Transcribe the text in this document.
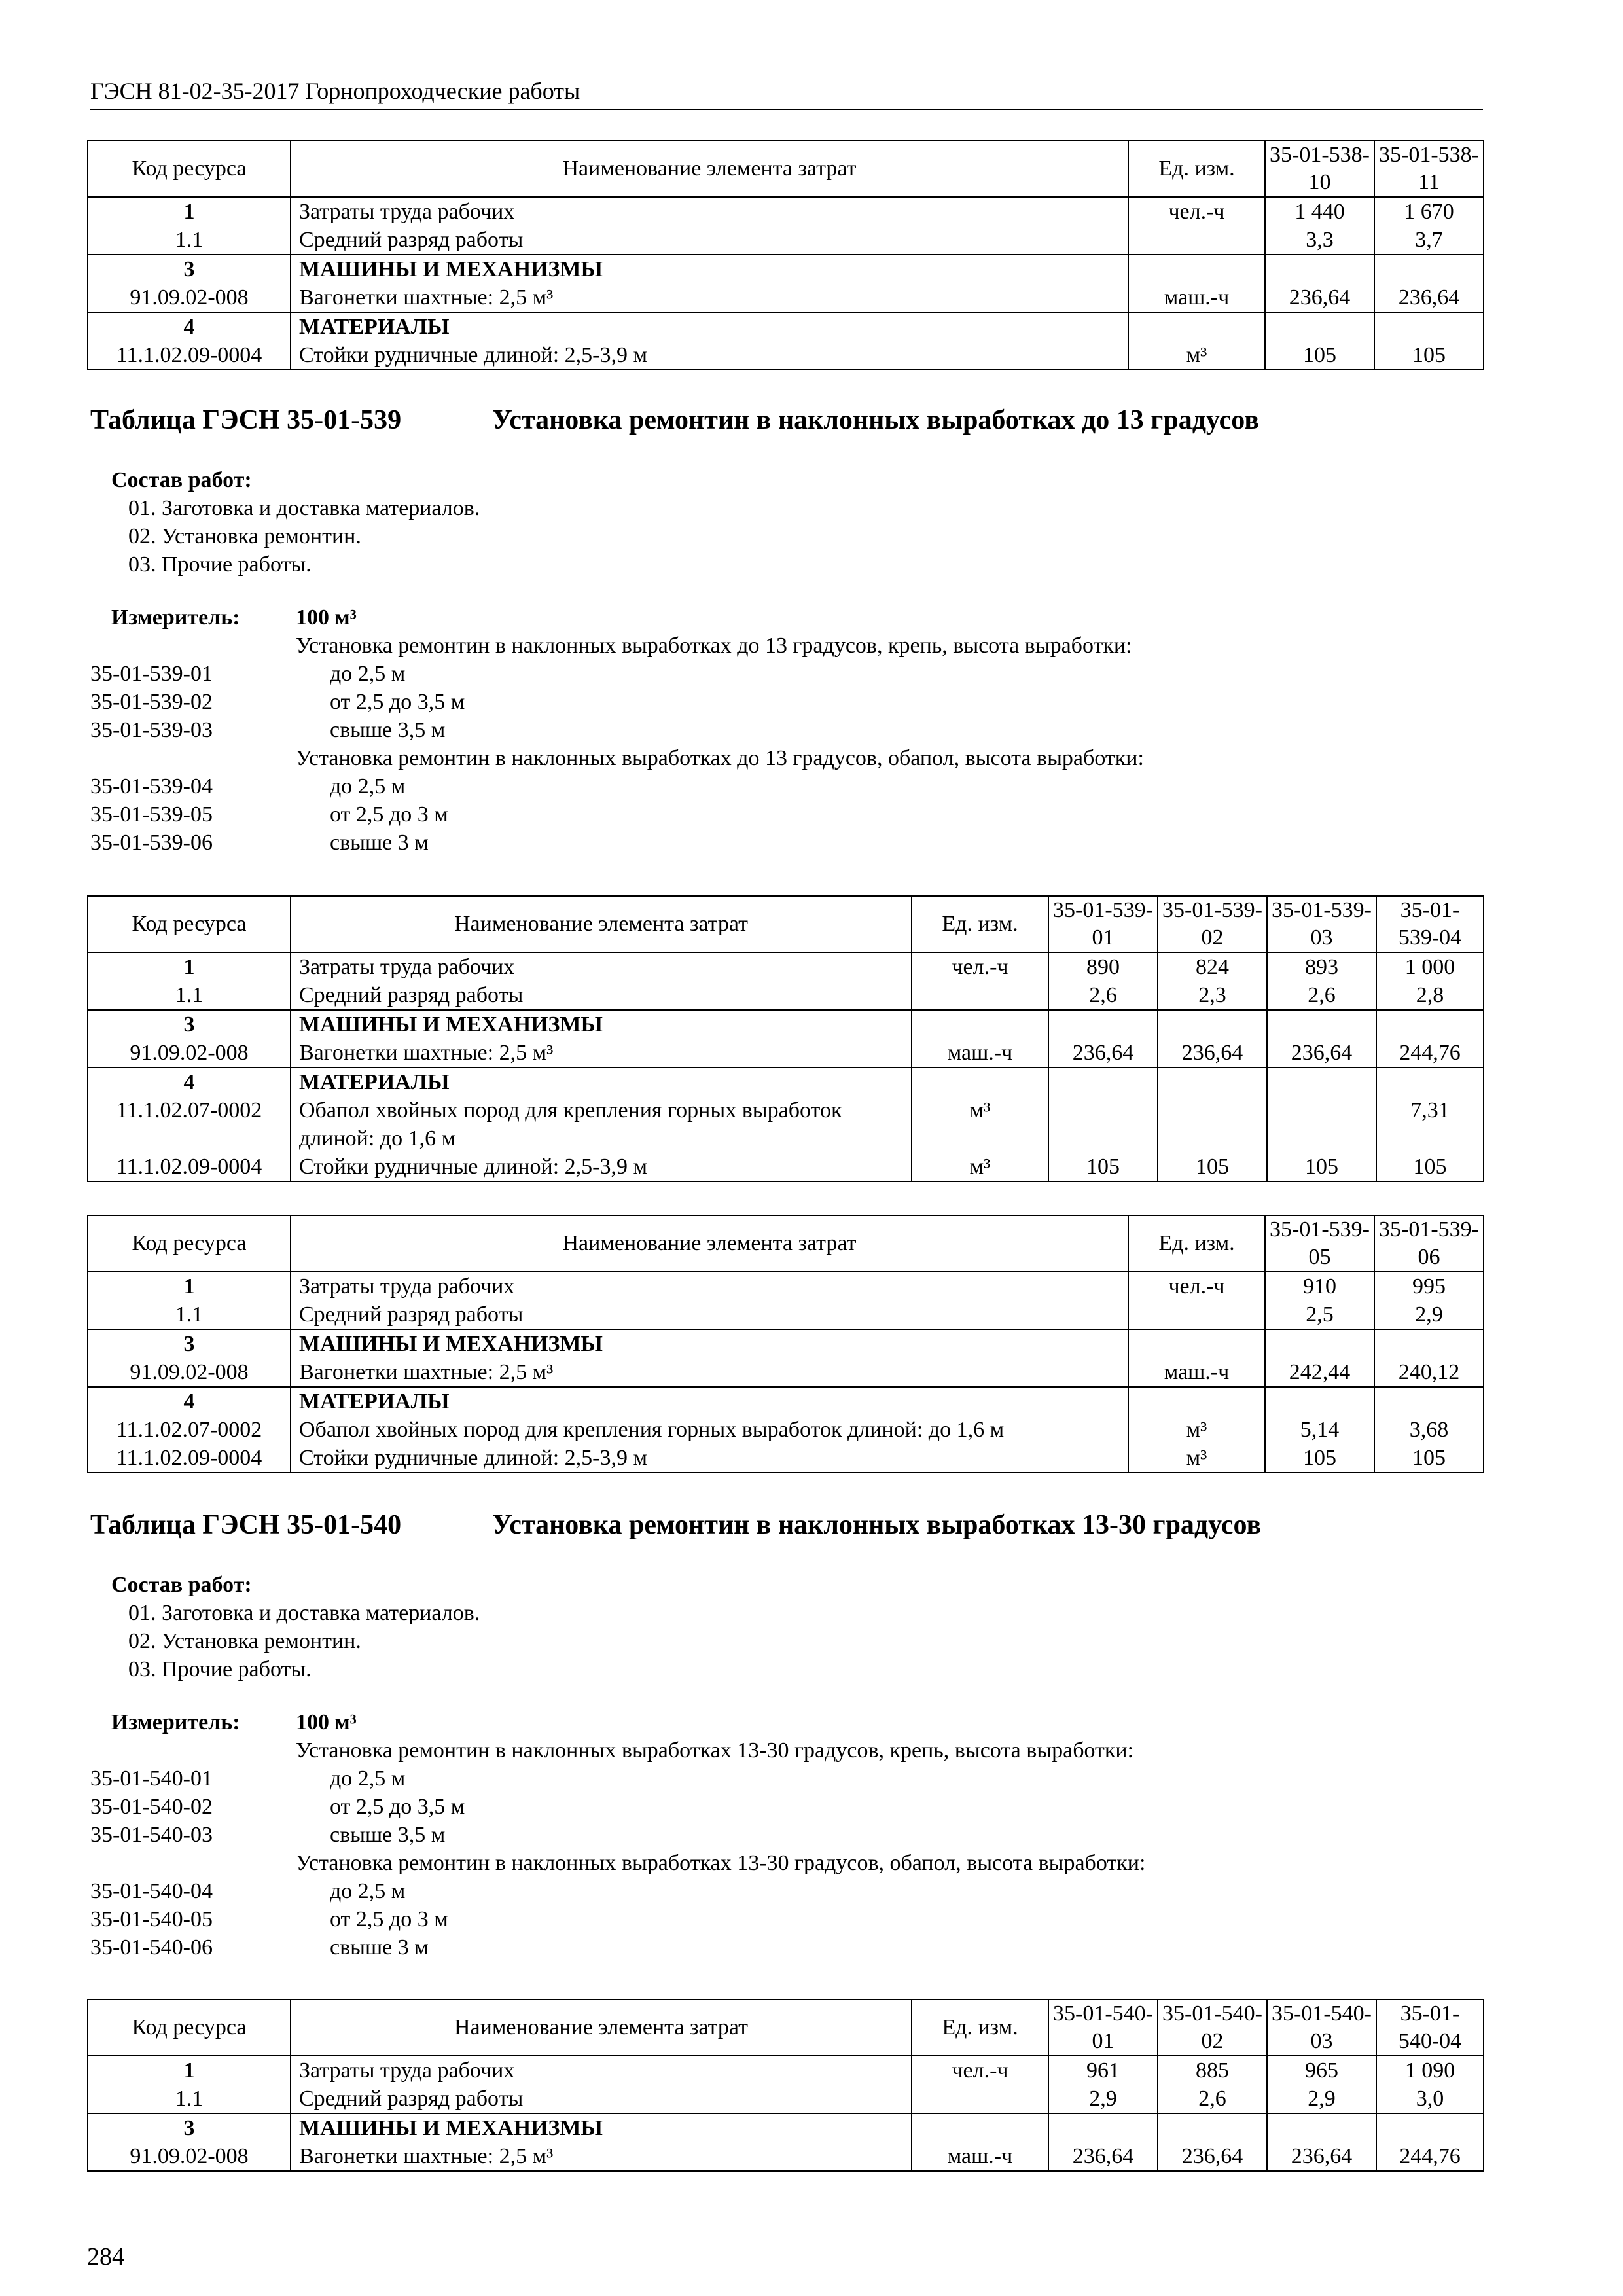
ГЭСН 81-02-35-2017 Горнопроходческие работы
Код ресурса	Наименование элемента затрат	Ед. изм.	35-01-538-10	35-01-538-11
1	Затраты труда рабочих	чел.-ч	1 440	1 670
1.1	Средний разряд работы		3,3	3,7
3	МАШИНЫ И МЕХАНИЗМЫ			
91.09.02-008	Вагонетки шахтные: 2,5 м³	маш.-ч	236,64	236,64
4	МАТЕРИАЛЫ			
11.1.02.09-0004	Стойки рудничные длиной: 2,5-3,9 м	м³	105	105
Таблица ГЭСН 35-01-539	Установка ремонтин в наклонных выработках до 13 градусов
Состав работ:
01. Заготовка и доставка материалов.
02. Установка ремонтин.
03. Прочие работы.
Измеритель:	100 м³
Установка ремонтин в наклонных выработках до 13 градусов, крепь, высота выработки:
35-01-539-01	до 2,5 м
35-01-539-02	от 2,5 до 3,5 м
35-01-539-03	свыше 3,5 м
Установка ремонтин в наклонных выработках до 13 градусов, обапол, высота выработки:
35-01-539-04	до 2,5 м
35-01-539-05	от 2,5 до 3 м
35-01-539-06	свыше 3 м
Код ресурса	Наименование элемента затрат	Ед. изм.	35-01-539-01	35-01-539-02	35-01-539-03	35-01-539-04
1	Затраты труда рабочих	чел.-ч	890	824	893	1 000
1.1	Средний разряд работы		2,6	2,3	2,6	2,8
3	МАШИНЫ И МЕХАНИЗМЫ					
91.09.02-008	Вагонетки шахтные: 2,5 м³	маш.-ч	236,64	236,64	236,64	244,76
4	МАТЕРИАЛЫ					
11.1.02.07-0002	Обапол хвойных пород для крепления горных выработок длиной: до 1,6 м	м³				7,31
11.1.02.09-0004	Стойки рудничные длиной: 2,5-3,9 м	м³	105	105	105	105
Код ресурса	Наименование элемента затрат	Ед. изм.	35-01-539-05	35-01-539-06
1	Затраты труда рабочих	чел.-ч	910	995
1.1	Средний разряд работы		2,5	2,9
3	МАШИНЫ И МЕХАНИЗМЫ			
91.09.02-008	Вагонетки шахтные: 2,5 м³	маш.-ч	242,44	240,12
4	МАТЕРИАЛЫ			
11.1.02.07-0002	Обапол хвойных пород для крепления горных выработок длиной: до 1,6 м	м³	5,14	3,68
11.1.02.09-0004	Стойки рудничные длиной: 2,5-3,9 м	м³	105	105
Таблица ГЭСН 35-01-540	Установка ремонтин в наклонных выработках 13-30 градусов
Состав работ:
01. Заготовка и доставка материалов.
02. Установка ремонтин.
03. Прочие работы.
Измеритель:	100 м³
Установка ремонтин в наклонных выработках 13-30 градусов, крепь, высота выработки:
35-01-540-01	до 2,5 м
35-01-540-02	от 2,5 до 3,5 м
35-01-540-03	свыше 3,5 м
Установка ремонтин в наклонных выработках 13-30 градусов, обапол, высота выработки:
35-01-540-04	до 2,5 м
35-01-540-05	от 2,5 до 3 м
35-01-540-06	свыше 3 м
Код ресурса	Наименование элемента затрат	Ед. изм.	35-01-540-01	35-01-540-02	35-01-540-03	35-01-540-04
1	Затраты труда рабочих	чел.-ч	961	885	965	1 090
1.1	Средний разряд работы		2,9	2,6	2,9	3,0
3	МАШИНЫ И МЕХАНИЗМЫ					
91.09.02-008	Вагонетки шахтные: 2,5 м³	маш.-ч	236,64	236,64	236,64	244,76
284
